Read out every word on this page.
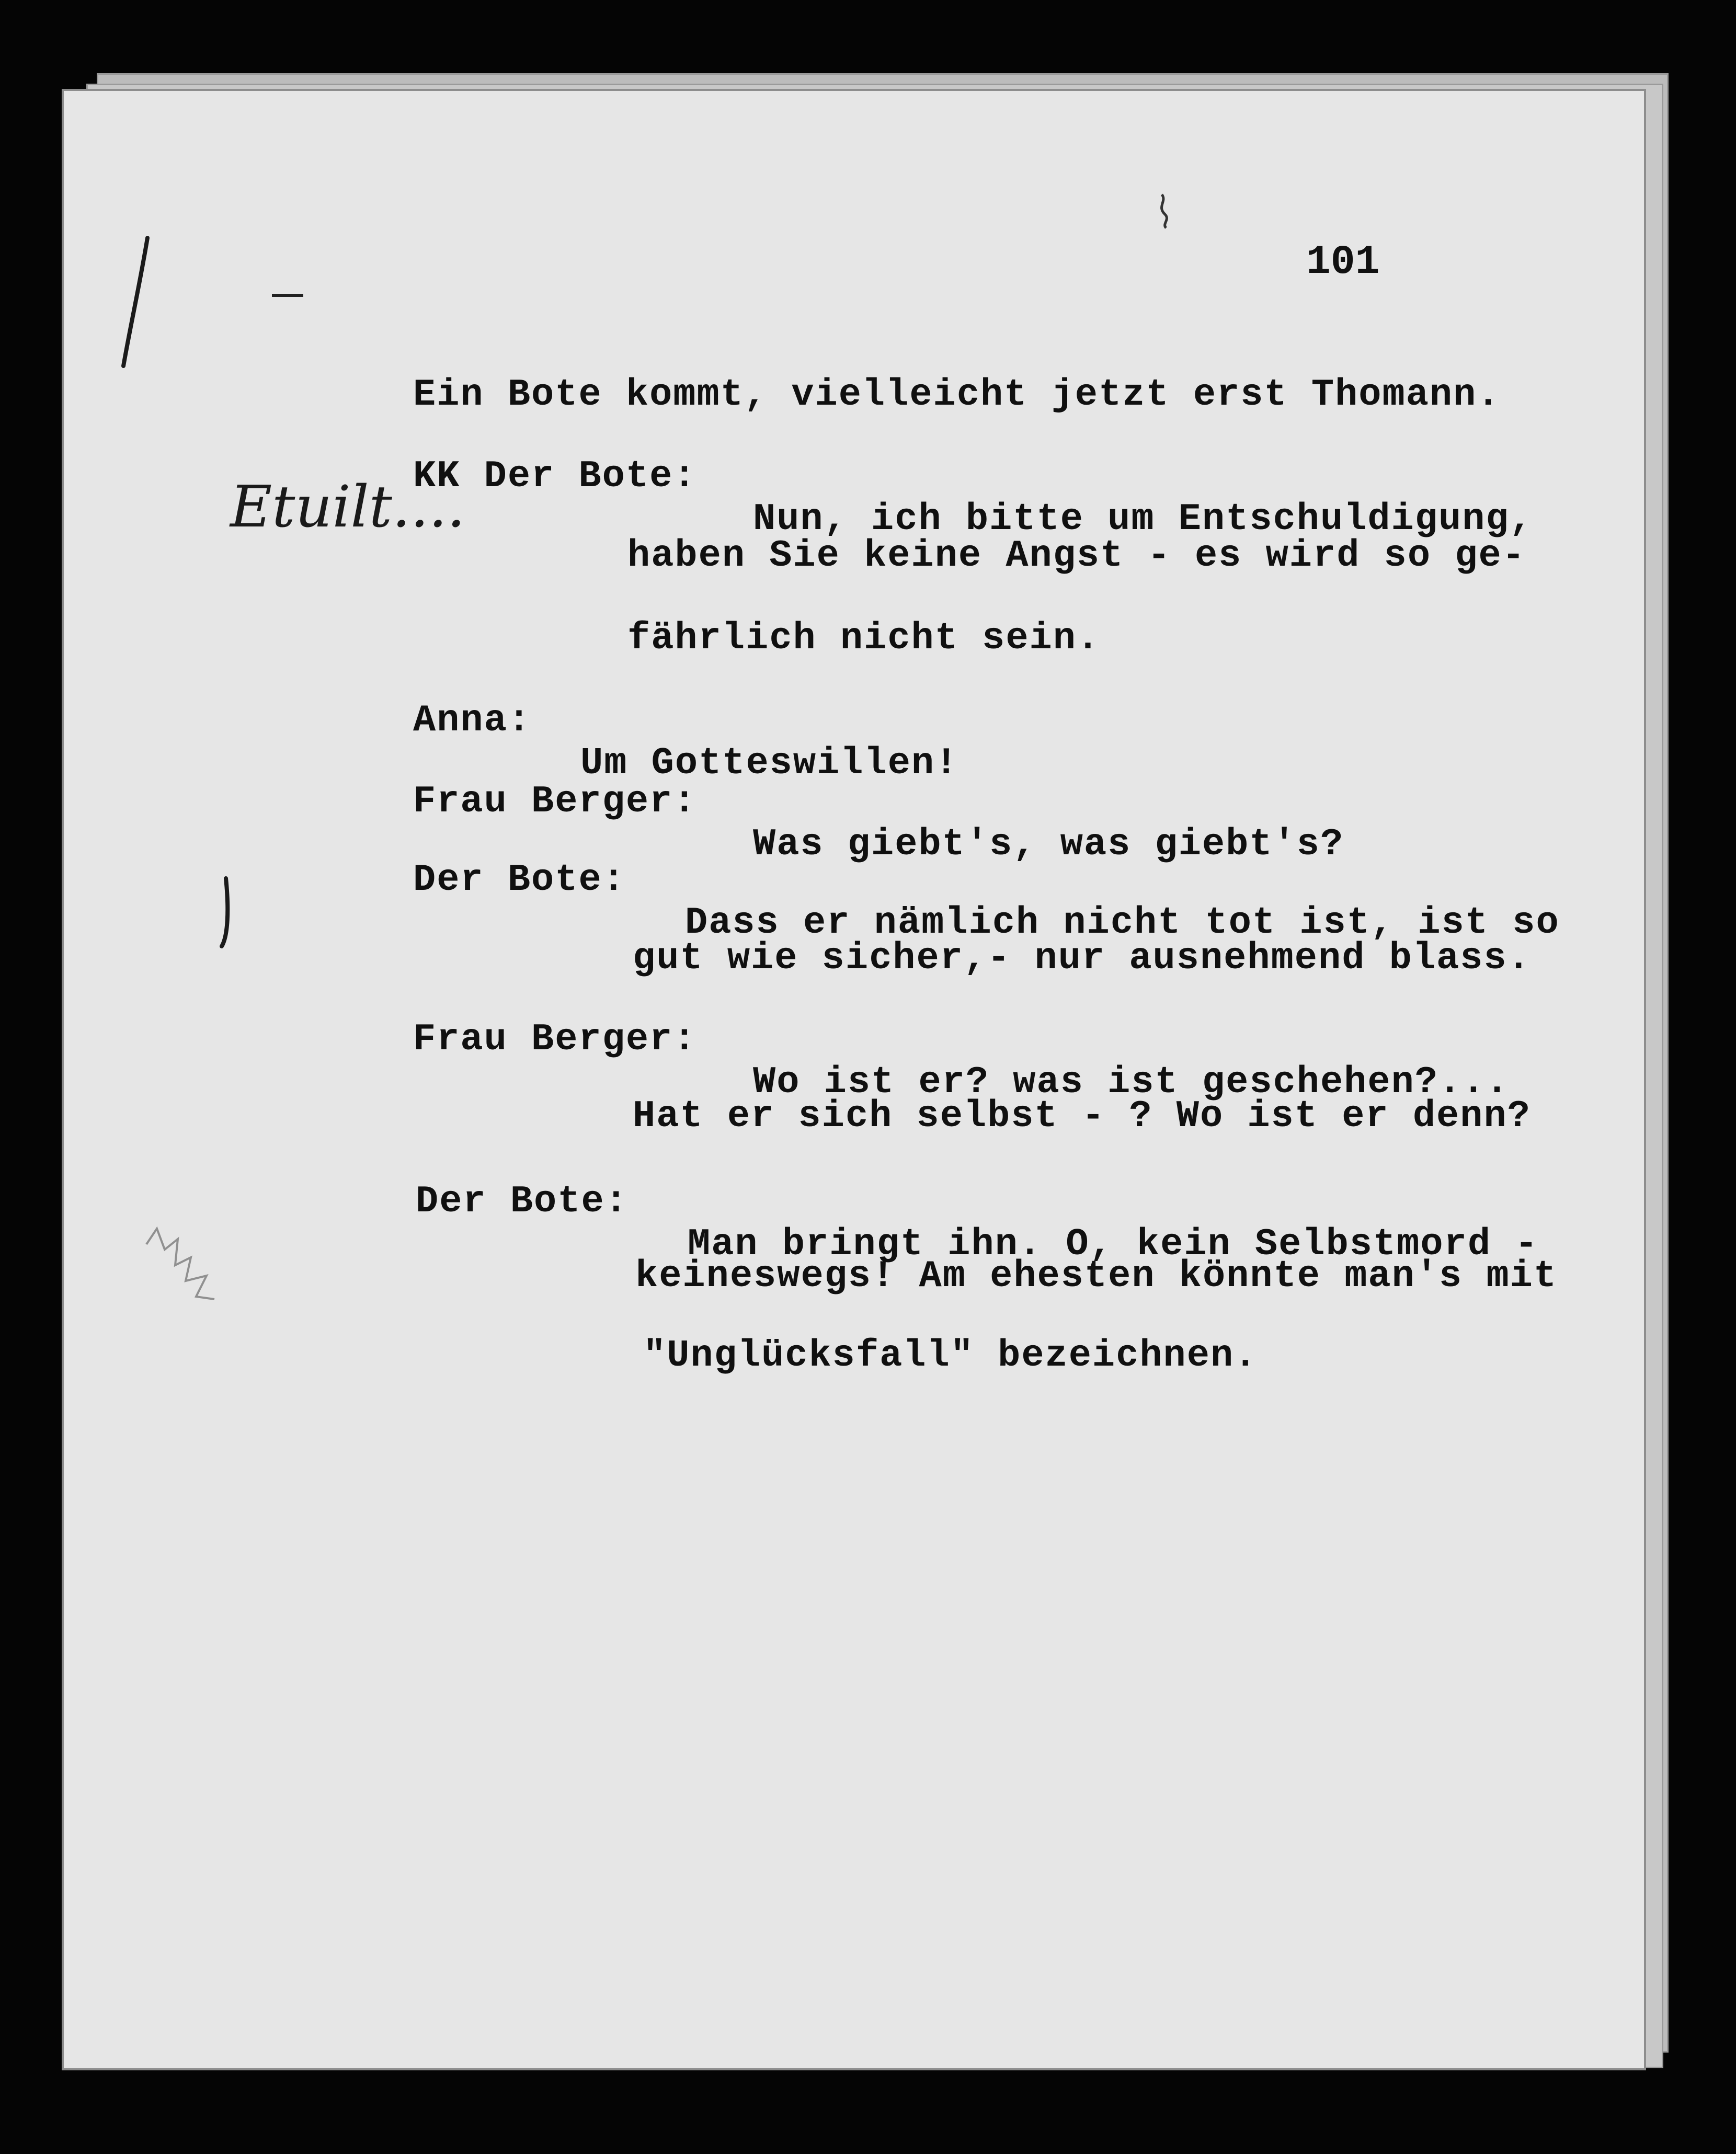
101

Ein Bote kommt, vielleicht jetzt erst Thomann.

KK Der Bote:

Nun, ich bitte um Entschuldigung,

haben Sie keine Angst - es wird so ge-

fährlich nicht sein.

Anna:

Um Gotteswillen!

Frau Berger:

Was giebt's, was giebt's?

Der Bote:

Dass er nämlich nicht tot ist, ist so

gut wie sicher,- nur ausnehmend blass.

Frau Berger:

Wo ist er? was ist geschehen?...

Hat er sich selbst - ? Wo ist er denn?

Der Bote:

Man bringt ihn. O, kein Selbstmord -

keineswegs! Am ehesten könnte man's mit

"Unglücksfall" bezeichnen.

Etuilt....
